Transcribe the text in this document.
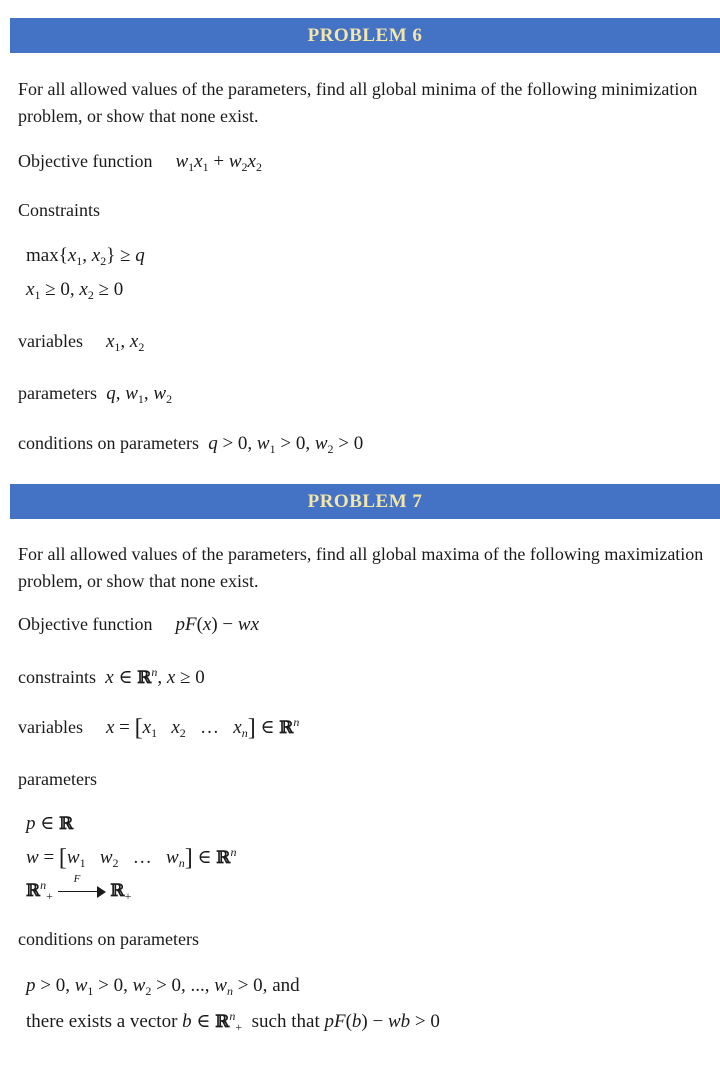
PROBLEM 6
For all allowed values of the parameters, find all global minima of the following minimization problem, or show that none exist.
Objective function $w_1x_1 + w_2x_2$
Constraints
$\max\{x_1$, $x_2\} \ge q$
$x_1 \ge 0$, $x_2 \ge 0$
variables $x_1$, $x_2$
parameters q, $w_1$, $w_2$
conditions on parameters q > 0, $w_1 > 0$, $w_2 > 0$
PROBLEM 7
For all allowed values of the parameters, find all global maxima of the following maximization problem, or show that none exist.
Objective function pF(x) − wx
constraints x ∈ ℝ$^n$, x ≥ 0
variables $x = [x_1$ $x_2$   …   $x_n$] ∈ ℝ$^n$
parameters
p ∈ ℝ
$w = [w_1$ $w_2$   …   $w_n$] ∈ ℝ$^n$
ℝ$^n_+$
F
ℝ$_+$
conditions on parameters
p > 0, $w_1 > 0$, $w_2 > 0$, ..., $w_n > 0$, and
there exists a vector b ∈ ℝ$^n_+$ such that pF(b) − wb > 0
